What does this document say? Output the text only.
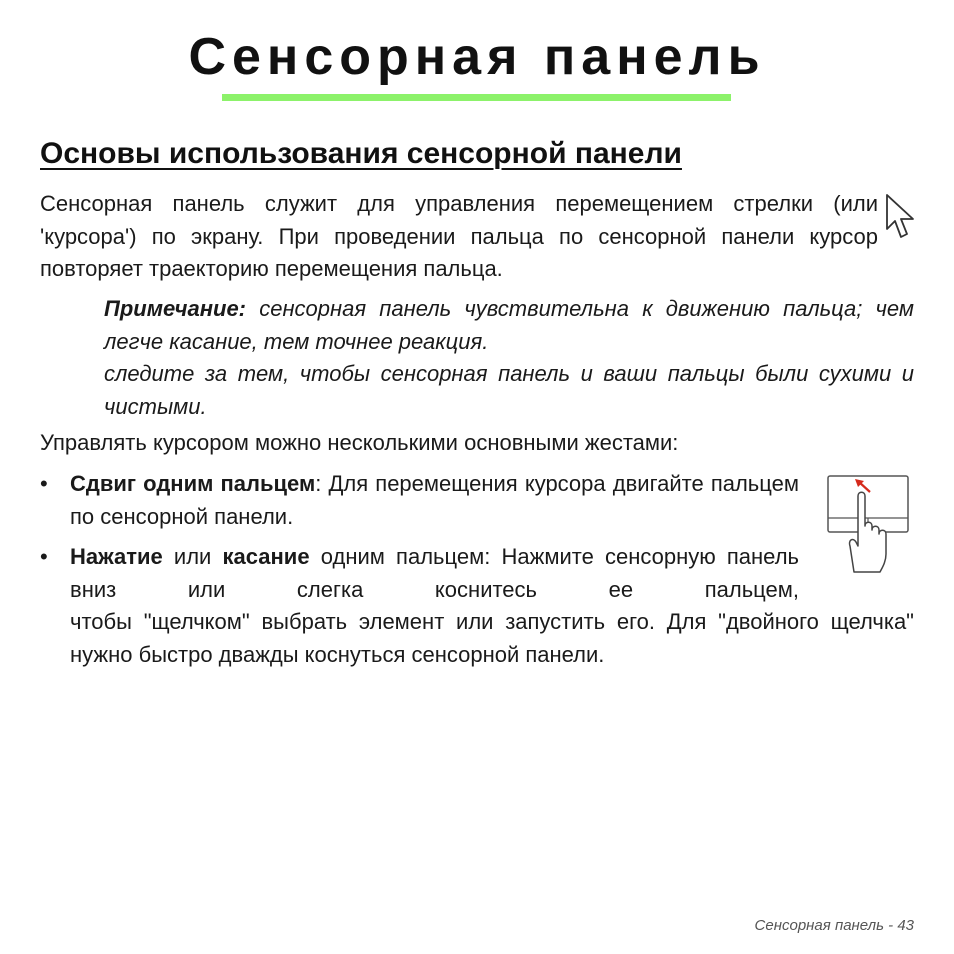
Сенсорная панель
Основы использования сенсорной панели

Сенсорная панель служит для управления перемещением стрелки (или 'курсора') по экрану. При проведении пальца по сенсорной панели курсор повторяет траекторию перемещения пальца.

Примечание: сенсорная панель чувствительна к движению пальца; чем легче касание, тем точнее реакция.
следите за тем, чтобы сенсорная панель и ваши пальцы были сухими и чистыми.

Управлять курсором можно несколькими основными жестами:

•	Сдвиг одним пальцем: Для перемещения курсора двигайте пальцем по сенсорной панели.
•	Нажатие или касание одним пальцем: Нажмите сенсорную панель вниз или слегка коснитесь ее пальцем,
чтобы "щелчком" выбрать элемент или запустить его. Для "двойного щелчка" нужно быстро дважды коснуться сенсорной панели.
Сенсорная панель - 43
